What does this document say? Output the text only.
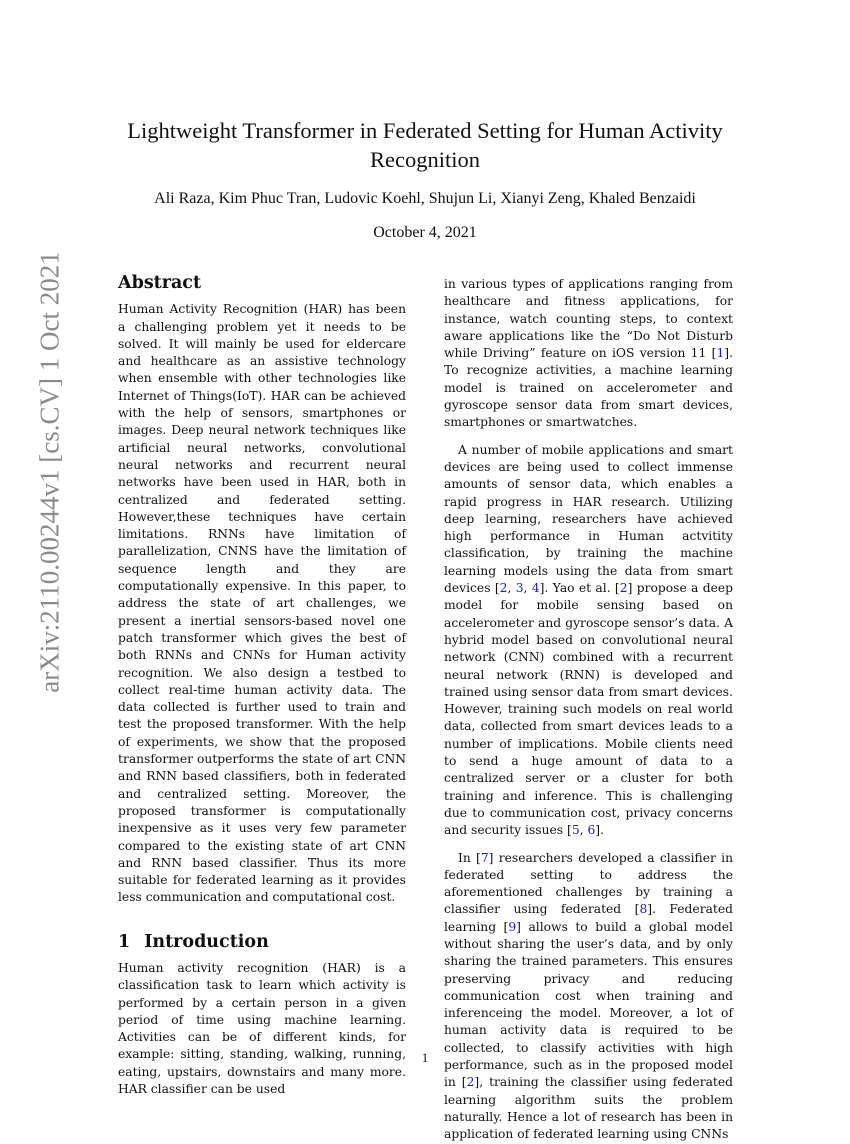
arXiv:2110.00244v1 [cs.CV] 1 Oct 2021
Lightweight Transformer in Federated Setting for Human Activity Recognition
Ali Raza, Kim Phuc Tran, Ludovic Koehl, Shujun Li, Xianyi Zeng, Khaled Benzaidi
October 4, 2021
Abstract

Human Activity Recognition (HAR) has been a challenging problem yet it needs to be solved. It will mainly be used for eldercare and healthcare as an assistive technology when ensemble with other technologies like Internet of Things(IoT). HAR can be achieved with the help of sensors, smartphones or images. Deep neural network techniques like artificial neural networks, convolutional neural networks and recurrent neural networks have been used in HAR, both in centralized and federated setting. However,these techniques have certain limitations. RNNs have limitation of parallelization, CNNS have the limitation of sequence length and they are computationally expensive. In this paper, to address the state of art challenges, we present a inertial sensors-based novel one patch transformer which gives the best of both RNNs and CNNs for Human activity recognition. We also design a testbed to collect real-time human activity data. The data collected is further used to train and test the proposed transformer. With the help of experiments, we show that the proposed transformer outperforms the state of art CNN and RNN based classifiers, both in federated and centralized setting. Moreover, the proposed transformer is computationally inexpensive as it uses very few parameter compared to the existing state of art CNN and RNN based classifier. Thus its more suitable for federated learning as it provides less communication and computational cost.

1 Introduction

Human activity recognition (HAR) is a classification task to learn which activity is performed by a certain person in a given period of time using machine learning. Activities can be of different kinds, for example: sitting, standing, walking, running, eating, upstairs, downstairs and many more. HAR classifier can be used

in various types of applications ranging from healthcare and fitness applications, for instance, watch counting steps, to context aware applications like the “Do Not Disturb while Driving” feature on iOS version 11 [1]. To recognize activities, a machine learning model is trained on accelerometer and gyroscope sensor data from smart devices, smartphones or smartwatches.

A number of mobile applications and smart devices are being used to collect immense amounts of sensor data, which enables a rapid progress in HAR research. Utilizing deep learning, researchers have achieved high performance in Human actvitity classification, by training the machine learning models using the data from smart devices [2, 3, 4]. Yao et al. [2] propose a deep model for mobile sensing based on accelerometer and gyroscope sensor’s data. A hybrid model based on convolutional neural network (CNN) combined with a recurrent neural network (RNN) is developed and trained using sensor data from smart devices. However, training such models on real world data, collected from smart devices leads to a number of implications. Mobile clients need to send a huge amount of data to a centralized server or a cluster for both training and inference. This is challenging due to communication cost, privacy concerns and security issues [5, 6].

In [7] researchers developed a classifier in federated setting to address the aforementioned challenges by training a classifier using federated [8]. Federated learning [9] allows to build a global model without sharing the user’s data, and by only sharing the trained parameters. This ensures preserving privacy and reducing communication cost when training and inferenceing the model. Moreover, a lot of human activity data is required to be collected, to classify activities with high performance, such as in the proposed model in [2], training the classifier using federated learning algorithm suits the problem naturally. Hence a lot of research has been in application of federated learning using CNNs

1
